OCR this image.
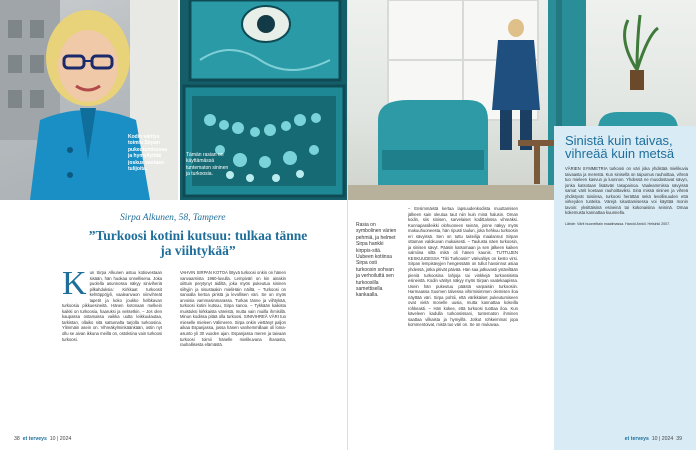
Kodin väritys toimiu Sirpan pukeutumisessa ja hymyilyttää joskus vastaan-tulijoita.
Tämän rasian on käyttämässä tuntematon sininen ja turkoosia.
Sirpa Alkunen, 58, Tampere
”Turkoosi kotini kutsuu: tulkaa tänne ja viihtykää”
K un Sirpa Alkunen astuu kotiovestaan sisään, hän huokaa onnellisena. Joka puolella asunnossa näkyy siniviheriä pilkahduksia: Kirkkaat turkoosit kehtöppöjyli, vaaleanvaon niinvihreät tapetit ja koko joukko helbkavan turkoosia pikkuesineitä. Hänen kotonaan melkein kaikki on turkoosia, haaruksi ja veitsetkin. – Jos olen kaupassa ostamassa vaikka uutta leikkuulautaa, tarkistan, ollaiko sitä sattumalta tarjolla turkoosina. Ylimmäin asein on. Vihreäkylminkäänkään, ostin nyt ollu se aivan ikkuna meillä on, ostoksina vain turkoosi turkoosi.
VAHVIN SIRPAN KOTOA lötyvä turkoosi onkin on hänen vanvaarnista 1960-luvulla. Lempiväri on kin ainakin oiittuin perytynyt äidiltä, joka myös pukeutua sininen siihyjin ja sisustaakin mieliHäin näiltä. – Turkoosi on sanoalla kertoa piristä ja levollisen väri. Se on myös arvoisia vammasinmarassa. Turkas tänne ja viihtykää, turkoosi kotini kutsuu, Sirpa sanoo. – Tykkään kaikista muistuksi kirkkaista väreistä, mutta vain muilla ihmisillä. Minun kodissa pitää olla turkoosi. SINIVIHREÄ VÄRI tuo mieselle mieleen Välimeren. Sirpa onkin viettänyt paljon aikaa Espanjassa, jossa hänen vanhemmillaan oli loma-asunto yli 30 vuoden ajan. Espanjassa meren ja taivaan turkoosi toimii hänelle mielikuvana ihanasta, rauhallisesta elämästä.
38 et terveys 10 | 2024
Rasia on symbolinen värien pehmiä, ja helmet Sirpa hankki kirppis-sitä. Uubeen kotiinsa Sirpa osti turkoosin sohvan ja verhoiluttä sen turkoosilla samettisella kankaalla.
– Ensimmäistä kertaa lapsuudenkodista muuttamisen jälkeen sain oleutua taut niin kuin minä halusin. Oman kodin, siis sinisen, sarvelaiset kodittalossa vihreäksi. Kunnaparalleikki olohuoneen seinän, jonne näkyy myös makuuhuoneesta, hän ripusti taulun, joka hehkuu turkoosin eri sävyissä. Sen on tuttu taiteilija maalannut Sirpan ottaman valokuvan mukaisesti. – Taulusta näen turkoosin, ja sinisen sävyt. Pääsin katsomaan ja sen jälkeen kaiken valmiina siltä mikä oli hänen kaunis. TUTTUJEN KESKUUDESSA "Tiiti Turkoosin" värivaltiys on kesto virsi. Sirpan lempisävyjen hengessään on tullut havoinnut asiaa yhdessä, jotka pitivät päivää. Hän saa jatkuvasti ystäviltään pieniä turkoosina lahjoja tai vinkkejä turkoosisista esineistä. Kodin väritys näkyy myös Sirpan vaatekaapissa. Usein hän pukeutuu päästä varpaisiin turkoosiin. Harmaassa Suomen talvessa vihirmisimmen olemisen iloa näyttää väri. Sirpa pohtii, että värikkäiset pukeutumiseen ovat vielä monelle uusia, mutta kannattaa kokeilla rohkeasti. – Hän kokee, että turkoosi tuottaa iloa. Kun käveleen kadulla turkoosissani, tuntematon ihminen saattaa vilkaista ja hymyillä. Jotkut rohkeimmat jopa kommentoivat, mistä tuo väri on. Se on mukavaa.
Sinistä kuin taivas, vihreää kuin metsä
VÄRIEN SYMMETRIA turkoosi on väri joka yhdistää mielikuvia taivaasta ja merestä. Kun sinisellä on taipumus rauhoittaa, vihreä tuo mieleen kasvun ja luonnon. Yhdessä ne muodostavat sävyn, jonka katsotaan lisäävän tasapainoa. Vaaleammissa sävyissä samat värit koetaan rauhoittaviksi. Sinä missä sininen ja vihreä yhdistyvät toisiinsa, turkoosi herättää sekä levollisuuden että virkeyden tunteita. Värejä sisustamisessa voi käyttää monin tavoin: yksittäisinä esineinä tai kokonaisina seininä. Omaa kokemusta kannattaa kuunnella.
Lähde: Värit huoneittain maailmassa. Harold Arnkil. Helsinki 2007.
et terveys 10 | 2024 39
